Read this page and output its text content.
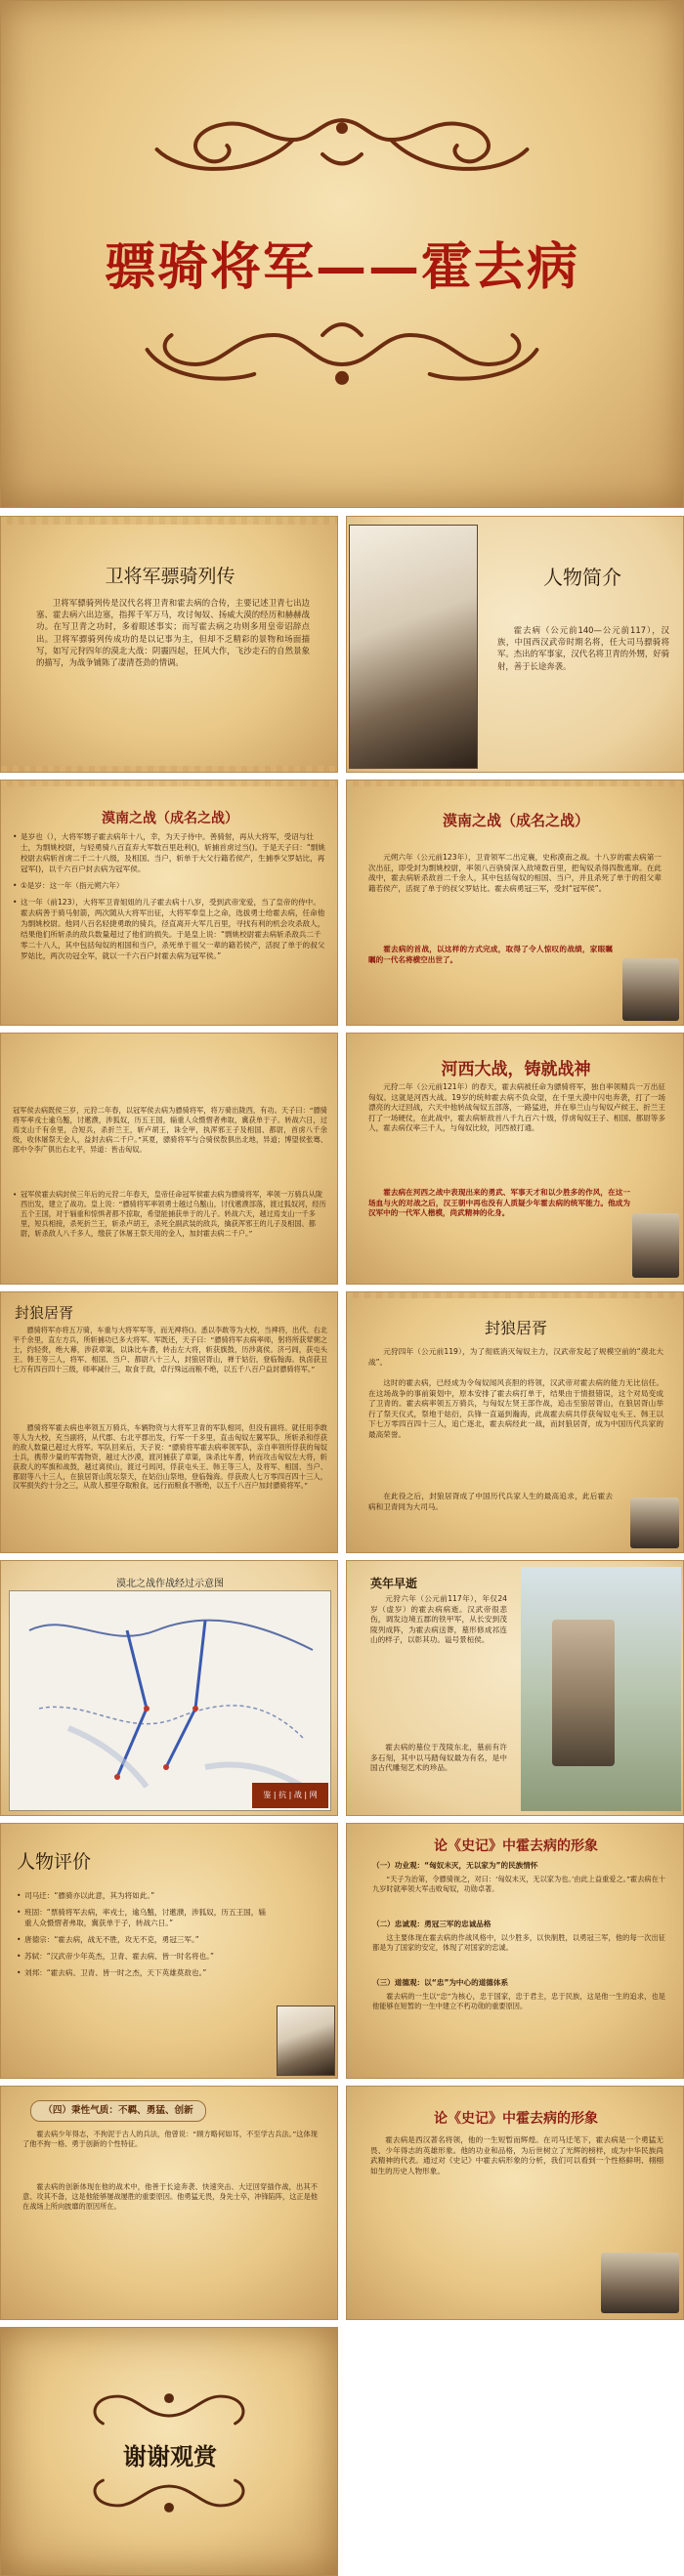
骠骑将军——霍去病
卫将军骠骑列传
卫将军骠骑列传是汉代名将卫青和霍去病的合传，主要记述卫青七出边塞、霍去病六出边塞，指挥千军万马，攻讨匈奴、扬威大漠的经历和赫赫战功。在写卫青之功时，多着眼述事实；而写霍去病之功则多用皇帝诏辞点出。卫将军骠骑列传成功的是以记事为主，但却不乏精彩的景物和场面描写，如写元狩四年的漠北大战：阴霾四起，狂风大作，飞沙走石的自然景象的描写，为战争铺陈了凄清苍劲的情调。
人物简介
霍去病（公元前140—公元前117），汉族，中国西汉武帝时期名将，任大司马骠骑将军。杰出的军事家，汉代名将卫青的外甥，好骑射，善于长途奔袭。
漠南之战（成名之战）
• 是岁也（），大将军甥子霍去病年十八，幸，为天子侍中。善骑射，再从大将军，受诏与壮士，为剽姚校尉，与轻勇骑八百直弃大军数百里赴利()，斩捕首虏过当()。于是天子曰：“剽姚校尉去病斩首虏二千二十八级，及相国、当户，斩单于大父行籍若侯产，生捕季父罗姑比，再冠军()，以千六百户封去病为冠军侯。
• ①是岁：这一年（指元朔六年）
• 这一年（前123），大将军卫青姐姐的儿子霍去病十八岁，受到武帝宠爱，当了皇帝的侍中。霍去病善于骑马射箭，两次随从大将军出征，大将军奉皇上之命，选拔勇士给霍去病，任命他为剽姚校尉。他同八百名轻捷勇敢的骑兵，径直离开大军几百里，寻找有利的机会攻杀敌人，结果他们所斩杀的敌兵数量超过了他们的损失。于是皇上说：“剽姚校尉霍去病斩杀敌兵二千零二十八人，其中包括匈奴的相国和当户，杀死单于祖父一辈的籍若侯产，活捉了单于的叔父罗姑比，两次功冠全军，就以一千六百户封霍去病为冠军侯。”
漠南之战（成名之战）
元朔六年（公元前123年），卫青领军二出定襄，史称漠南之战。十八岁的霍去病第一次出征，即受封为剽姚校尉，率领八百骁骑深入敌境数百里，把匈奴杀得四散逃窜。在此战中，霍去病斩杀敌首二千余人，其中包括匈奴的相国、当户，并且杀死了单于的祖父辈籍若侯产，活捉了单于的叔父罗姑比。霍去病勇冠三军，受封“冠军侯”。
霍去病的首战，以这样的方式完成，取得了令人惊叹的战绩，家眼瞩瞩的一代名将横空出世了。
冠军侯去病既侯三岁，元狩二年春，以冠军侯去病为骠骑将军，将万骑出陇西，有功。天子曰：“骠骑将军率戎士逾乌盭，讨遬濮，涉狐奴，历五王国，辎重人众慑慴者弗取，冀获单于子。转战六日，过焉支山千有余里，合短兵，杀折兰王，斩卢胡王，诛全甲，执浑邪王子及相国、都尉，首虏八千余级，收休屠祭天金人，益封去病二千户。”其夏，骠骑将军与合骑侯敖俱出北地，异道；博望侯张骞、郎中令李广俱出右北平，异道：皆击匈奴。
• 冠军侯霍去病封侯三年后的元狩二年春天，皇帝任命冠军侯霍去病为骠骑将军，率领一万骑兵从陇西出发，建立了战功。皇上说：“骠骑将军率领勇士越过乌盭山，讨伐遬濮部落，渡过狐奴河，经历五个王国，对于辎重和惊惧者都不掠取，希望能捕获单于的儿子。转战六天，越过焉支山一千多里，短兵相接，杀死折兰王，斩杀卢胡王，杀死全副武装的敌兵，擒获浑邪王的儿子及相国、都尉，斩杀敌人八千多人，缴获了休屠王祭天用的金人，加封霍去病二千户。”
河西大战，铸就战神
元狩二年（公元前121年）的春天，霍去病被任命为骠骑将军，独自率领精兵一万出征匈奴。这就是河西大战。19岁的统帅霍去病不负众望，在千里大漠中闪电奔袭，打了一场漂亮的大迂回战，六天中他转战匈奴五部落，一路猛进，并在皋兰山与匈奴卢候王、折兰王打了一场硬仗，在此战中，霍去病斩敌首八千九百六十级，俘虏匈奴王子、相国、都尉等多人，霍去病仅率三千人，与匈奴比较，河西被打通。
霍去病在河西之战中表现出来的勇武、军事天才和以少胜多的作风，在这一场血与火的对战之后，汉王朝中再也没有人质疑少年霍去病的统军能力。他成为汉军中的一代军人楷模，尚武精神的化身。
封狼居胥
骠骑将军亦将五万骑，车重与大将军军等，而无裨将()。悉以李敢等为大校，当裨将，出代、右北平千余里，直左方兵，所斩捕功已多大将军。军既还，天子曰：“骠骑将军去病率师，躬将所获荤粥之士，约轻赍，绝大幕，涉获章渠，以诛比车耆，转击左大将，斩获旗鼓，历涉离侯。济弓闾，获屯头王、韩王等三人，将军、相国、当户、都尉八十三人，封狼居胥山，禅于姑衍，登临翰海。执卤获丑七万有四百四十三级，师率减什三，取食于敌，卓行殊远而粮不绝，以五千八百户益封骠骑将军。”
骠骑将军霍去病也率领五万骑兵，车辆物资与大将军卫青的军队相同，但没有副将。就任用李敢等人为大校，充当副将，从代郡、右北平郡出发，行军一千多里，直击匈奴左翼军队，所斩杀和俘获的敌人数量已超过大将军。军队回来后，天子说：“骠骑将军霍去病率领军队，亲自率领所俘获的匈奴士兵，携带少量的军需物资，越过大沙漠，渡河捕获了章渠，诛杀比车耆，转而攻击匈奴左大将，斩获敌人的军旗和战鼓，越过离侯山，渡过弓闾河，俘获屯头王、韩王等三人，及将军、相国、当户、都尉等八十三人，在狼居胥山筑坛祭天，在姑衍山祭地，登临翰海。俘获敌人七万零四百四十三人，汉军损失约十分之三，从敌人那里夺取粮食，远行而粮食不断绝，以五千八百户加封骠骑将军。”
封狼居胥
元狩四年（公元前119），为了彻底消灭匈奴主力，汉武帝发起了规模空前的“漠北大战”。
这时的霍去病，已经成为令匈奴闻风丧胆的将领，汉武帝对霍去病的能力无比信任。在这场战争的事前策划中，原本安排了霍去病打单于，结果由于情报错误，这个对局变成了卫青的。霍去病率领五万骑兵，与匈奴左贤王部作战，追击至狼居胥山，在狼居胥山举行了祭天仪式，祭地于姑衍，兵锋一直逼到瀚海，此战霍去病共俘获匈奴屯头王、韩王以下七万零四百四十三人，追亡逐北，霍去病经此一战，而封狼居胥，成为中国历代兵家的最高荣誉。
在此役之后，封狼居胥成了中国历代兵家人生的最高追求，此后霍去病和卫青同为大司马。
漠北之战作战经过示意图
鉴 | 抗 | 战 | 网
英年早逝
元狩六年（公元前117年），年仅24岁（虚岁）的霍去病病逝。汉武帝很悲伤，调发边境五郡的铁甲军，从长安到茂陵列成阵，为霍去病送葬，墓形修成祁连山的样子，以彰其功。谥号景桓侯。
霍去病的墓位于茂陵东北，墓前有许多石刻，其中以马踏匈奴最为有名，是中国古代雕刻艺术的珍品。
人物评价
• 司马迁：“骠骑亦以此意，其为将如此。”
• 班固：“票骑将军去病，率戎士，逾乌盭，讨遬濮，涉狐奴，历五王国，辎重人众慑慴者弗取，冀获单于子，转战六日。”
• 唐德宗：“霍去病，战无不胜，攻无不克，勇冠三军。”
• 苏轼：“汉武帝少年英杰，卫青、霍去病、皆一时名将也。”
• 刘邦：“霍去病、卫青、皆一时之杰，天下英雄莫敌也。”
论《史记》中霍去病的形象
（一）功业观：“匈奴未灭，无以家为”的民族情怀
“天子为治第，令骠骑视之，对曰：‘匈奴未灭，无以家为也。’由此上益重爱之。”霍去病在十九岁时就率领大军击败匈奴，功勋卓著。
（二）忠诚观：勇冠三军的忠诚品格
这主要体现在霍去病的作战风格中，以少胜多，以快制胜，以勇冠三军，他的每一次出征都是为了国家的安定，体现了对国家的忠诚。
（三）道德观：以“忠”为中心的道德体系
霍去病的一生以“忠”为核心，忠于国家，忠于君主，忠于民族，这是他一生的追求，也是他能够在短暂的一生中建立不朽功勋的重要原因。
（四）秉性气质：不羁、勇猛、创新
霍去病少年得志，不拘泥于古人的兵法，他曾说：“顾方略何如耳，不至学古兵法。”这体现了他不拘一格、勇于创新的个性特征。
霍去病的创新体现在他的战术中，他善于长途奔袭、快速突击、大迂回穿插作战，出其不意、攻其不备，这是他能够屡战屡胜的重要原因。他勇猛无畏，身先士卒，冲锋陷阵，这正是他在战场上所向披靡的原因所在。
论《史记》中霍去病的形象
霍去病是西汉著名将领，他的一生短暂而辉煌。在司马迁笔下，霍去病是一个勇猛无畏、少年得志的英雄形象。他的功业和品格，为后世树立了光辉的榜样，成为中华民族尚武精神的代表。通过对《史记》中霍去病形象的分析，我们可以看到一个性格鲜明、栩栩如生的历史人物形象。
谢谢观赏
